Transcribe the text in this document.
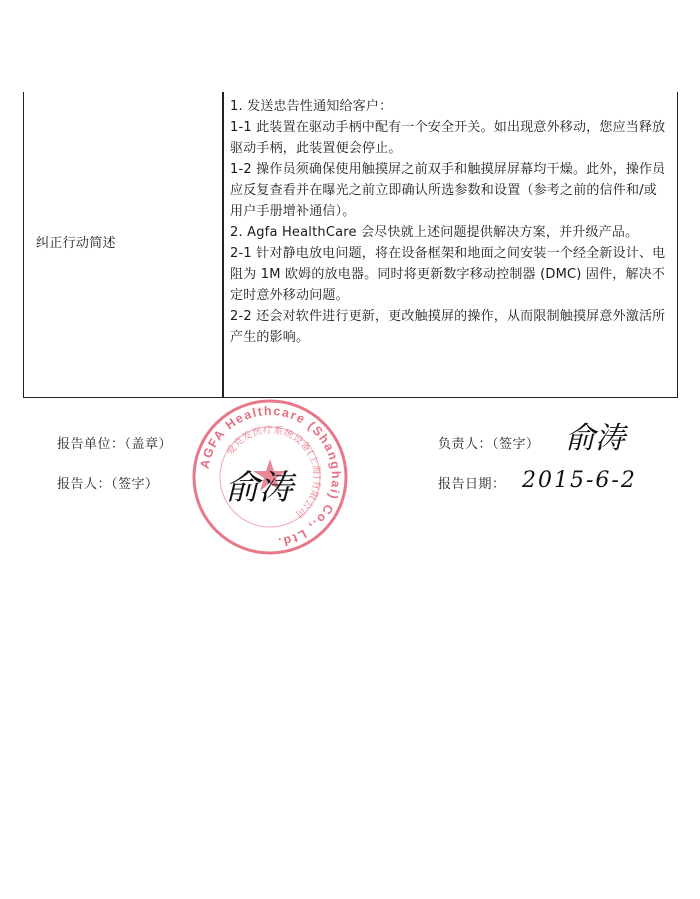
纠正行动简述

1. 发送忠告性通知给客户：

1-1 此装置在驱动手柄中配有一个安全开关。如出现意外移动，您应当释放驱动手柄，此装置便会停止。

1-2 操作员须确保使用触摸屏之前双手和触摸屏屏幕均干燥。此外，操作员应反复查看并在曝光之前立即确认所选参数和设置（参考之前的信件和/或用户手册增补通信）。

2. Agfa HealthCare 会尽快就上述问题提供解决方案，并升级产品。

2-1 针对静电放电问题，将在设备框架和地面之间安装一个经全新设计、电阻为 1M 欧姆的放电器。同时将更新数字移动控制器 (DMC) 固件，解决不定时意外移动问题。

2-2 还会对软件进行更新，更改触摸屏的操作，从而限制触摸屏意外激活所产生的影响。

AGFA Healthcare (Shanghai) Co., Ltd.
爱克发医疗系统设备(上海)有限公司
报告单位：（盖章）
报告人：（签字）
负责人：（签字）
报告日期：
俞涛
俞涛	2015-6-2
